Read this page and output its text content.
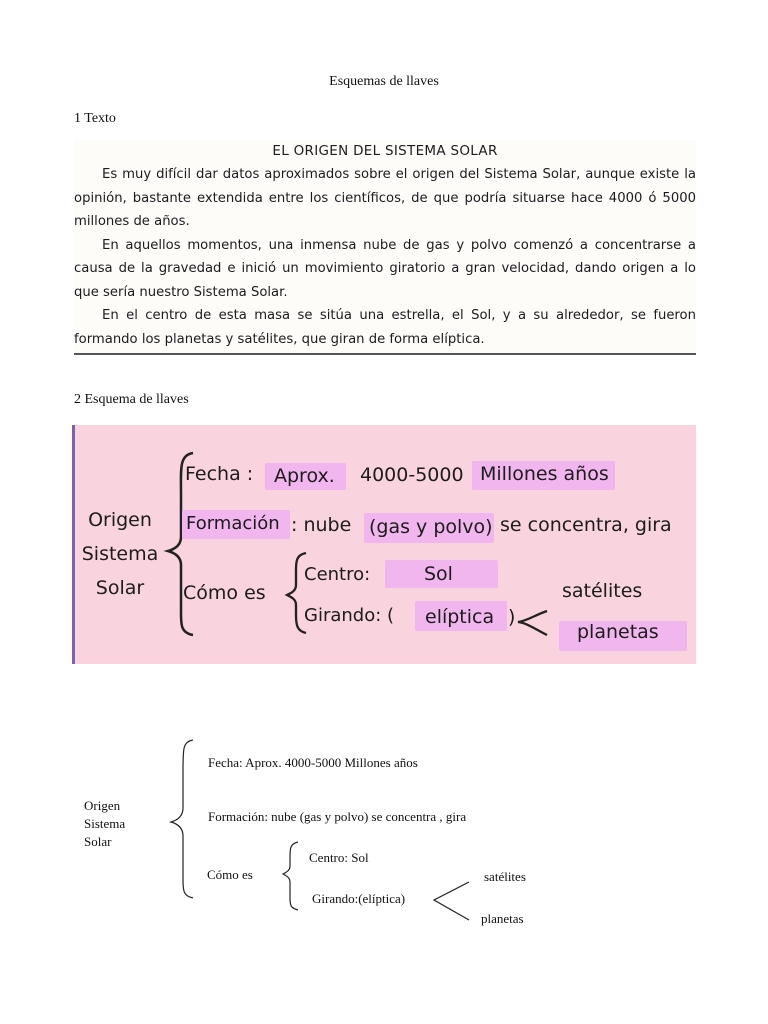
Esquemas de llaves
1 Texto
EL ORIGEN DEL SISTEMA SOLAR

Es muy difícil dar datos aproximados sobre el origen del Sistema Solar, aunque existe la opinión, bastante extendida entre los científicos, de que podría situarse hace 4000 ó 5000 millones de años.

En aquellos momentos, una inmensa nube de gas y polvo comenzó a concentrarse a causa de la gravedad e inició un movimiento giratorio a gran velocidad, dando origen a lo que sería nuestro Sistema Solar.

En el centro de esta masa se sitúa una estrella, el Sol, y a su alrededor, se fueron formando los planetas y satélites, que giran de forma elíptica.

2 Esquema de llaves
Origen Sistema Solar
Fecha : Aprox. 4000-5000 Millones años
Formación : nube (gas y polvo) se concentra, gira
Cómo es
Centro:	Sol
Girando: ( elíptica )
satélites
planetas
Origen
Sistema
Solar
Fecha: Aprox. 4000-5000 Millones años
Formación: nube (gas y polvo) se concentra , gira
Cómo es
Centro: Sol
Girando:(elíptica)
satélites
planetas
